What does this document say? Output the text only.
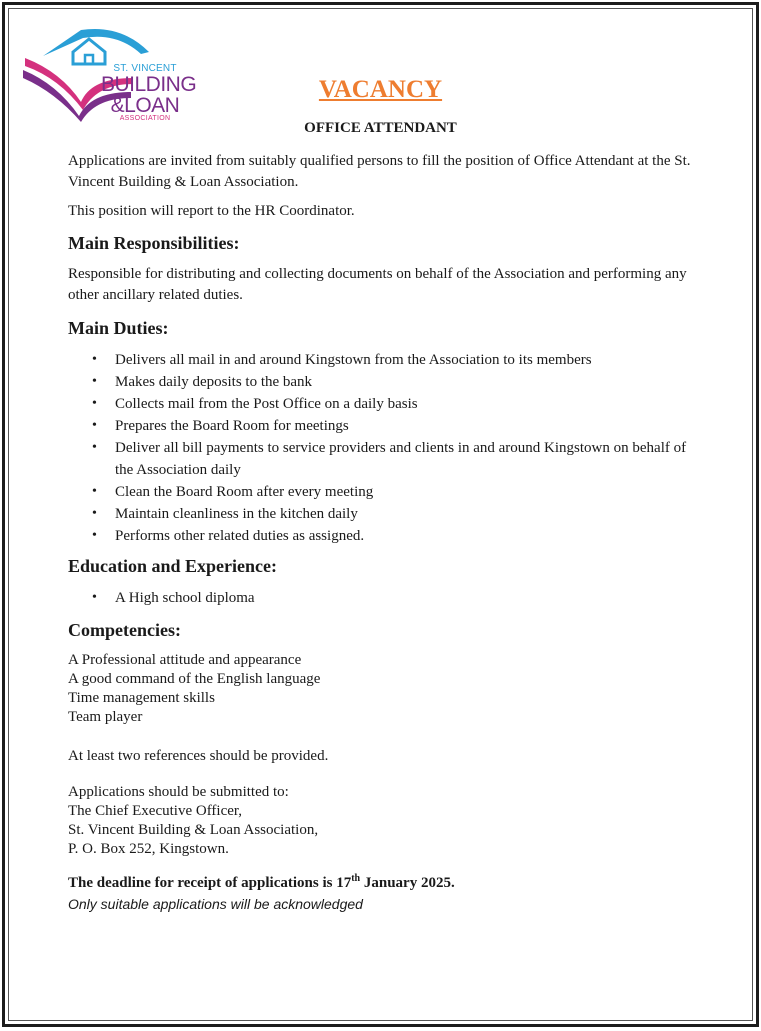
ST. VINCENT
BUILDING
&LOAN
ASSOCIATION
VACANCY
OFFICE ATTENDANT

Applications are invited from suitably qualified persons to fill the position of Office Attendant at the St. Vincent Building & Loan Association.

This position will report to the HR Coordinator.

Main Responsibilities:

Responsible for distributing and collecting documents on behalf of the Association and performing any other ancillary related duties.

Main Duties:
• Delivers all mail in and around Kingstown from the Association to its members
• Makes daily deposits to the bank
• Collects mail from the Post Office on a daily basis
• Prepares the Board Room for meetings
• Deliver all bill payments to service providers and clients in and around Kingstown on behalf of the Association daily
• Clean the Board Room after every meeting
• Maintain cleanliness in the kitchen daily
• Performs other related duties as assigned.
Education and Experience:
• A High school diploma
Competencies:
A Professional attitude and appearance
A good command of the English language
Time management skills
Team player

At least two references should be provided.

Applications should be submitted to:
The Chief Executive Officer,
St. Vincent Building & Loan Association,
P. O. Box 252, Kingstown.

The deadline for receipt of applications is 17th January 2025.

Only suitable applications will be acknowledged
